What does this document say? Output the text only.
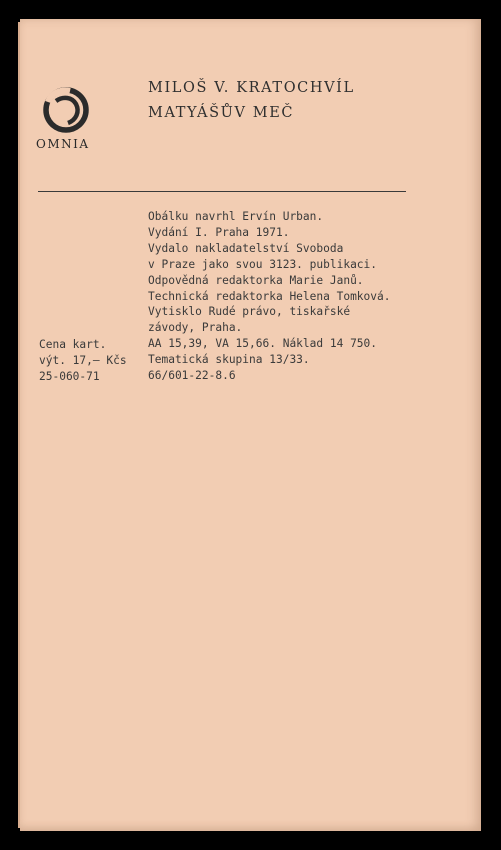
OMNIA
MILOŠ V. KRATOCHVÍL
MATYÁŠŮV MEČ
Obálku navrhl Ervín Urban.
Vydání I. Praha 1971.
Vydalo nakladatelství Svoboda
v Praze jako svou 3123. publikaci.
Odpovědná redaktorka Marie Janů.
Technická redaktorka Helena Tomková.
Vytisklo Rudé právo, tiskařské
závody, Praha.
AA 15,39, VA 15,66. Náklad 14 750.
Tematická skupina 13/33.
66/601-22-8.6
Cena kart.
výt. 17,— Kčs
25-060-71
